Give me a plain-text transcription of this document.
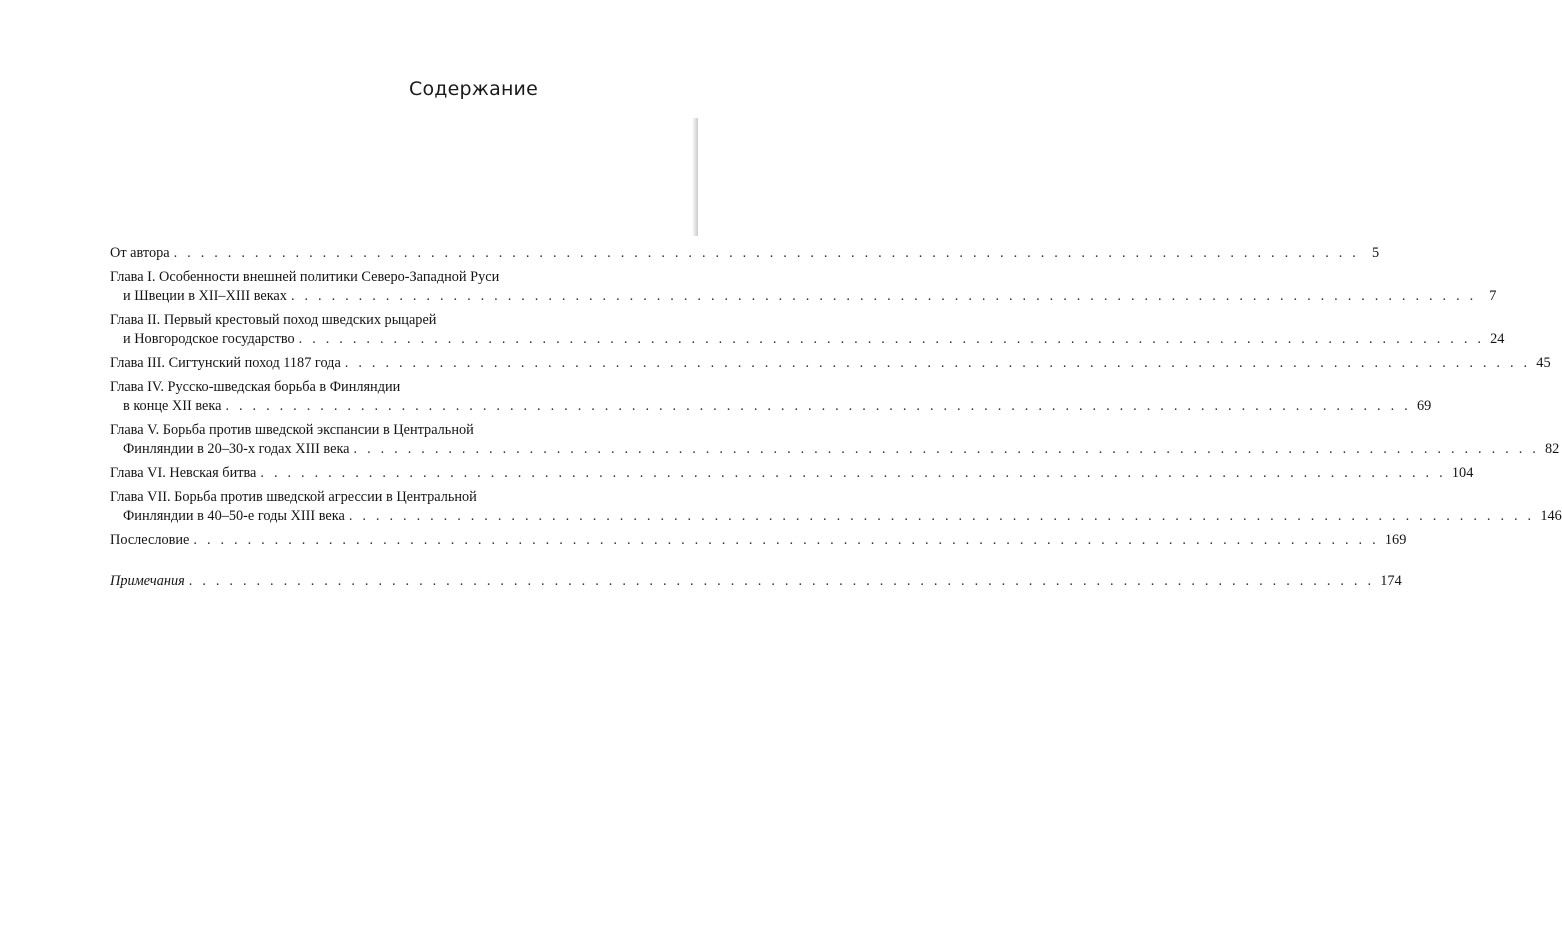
Содержание
От автора . . . . . . . . . . . . . . . . . . . . . . . . . . . . . . . . . . . . . . . . . . . . . . . . . . . . . . . . . . . . . . . . . . . . . . . . . . . . . . . . . . . . . . . . 5
Глава I. Особенности внешней политики Северо-Западной Руси
и Швеции в XII–XIII веках . . . . . . . . . . . . . . . . . . . . . . . . . . . . . . . . . . . . . . . . . . . . . . . . . . . . . . . . . . . . . . . . . . . . . . . . . . . . . . . . . . . . . . . . 7
Глава II. Первый крестовый поход шведских рыцарей
и Новгородское государство . . . . . . . . . . . . . . . . . . . . . . . . . . . . . . . . . . . . . . . . . . . . . . . . . . . . . . . . . . . . . . . . . . . . . . . . . . . . . . . . . . . . . . . . 24
Глава III. Сигтунский поход 1187 года . . . . . . . . . . . . . . . . . . . . . . . . . . . . . . . . . . . . . . . . . . . . . . . . . . . . . . . . . . . . . . . . . . . . . . . . . . . . . . . . . . . . . . . . 45
Глава IV. Русско-шведская борьба в Финляндии
в конце XII века . . . . . . . . . . . . . . . . . . . . . . . . . . . . . . . . . . . . . . . . . . . . . . . . . . . . . . . . . . . . . . . . . . . . . . . . . . . . . . . . . . . . . . . . 69
Глава V. Борьба против шведской экспансии в Центральной
Финляндии в 20–30-х годах XIII века . . . . . . . . . . . . . . . . . . . . . . . . . . . . . . . . . . . . . . . . . . . . . . . . . . . . . . . . . . . . . . . . . . . . . . . . . . . . . . . . . . . . . . . . 82
Глава VI. Невская битва . . . . . . . . . . . . . . . . . . . . . . . . . . . . . . . . . . . . . . . . . . . . . . . . . . . . . . . . . . . . . . . . . . . . . . . . . . . . . . . . . . . . . . . . 104
Глава VII. Борьба против шведской агрессии в Центральной
Финляндии в 40–50-е годы XIII века . . . . . . . . . . . . . . . . . . . . . . . . . . . . . . . . . . . . . . . . . . . . . . . . . . . . . . . . . . . . . . . . . . . . . . . . . . . . . . . . . . . . . . . . 146
Послесловие . . . . . . . . . . . . . . . . . . . . . . . . . . . . . . . . . . . . . . . . . . . . . . . . . . . . . . . . . . . . . . . . . . . . . . . . . . . . . . . . . . . . . . . . 169
Примечания . . . . . . . . . . . . . . . . . . . . . . . . . . . . . . . . . . . . . . . . . . . . . . . . . . . . . . . . . . . . . . . . . . . . . . . . . . . . . . . . . . . . . . . . 174
